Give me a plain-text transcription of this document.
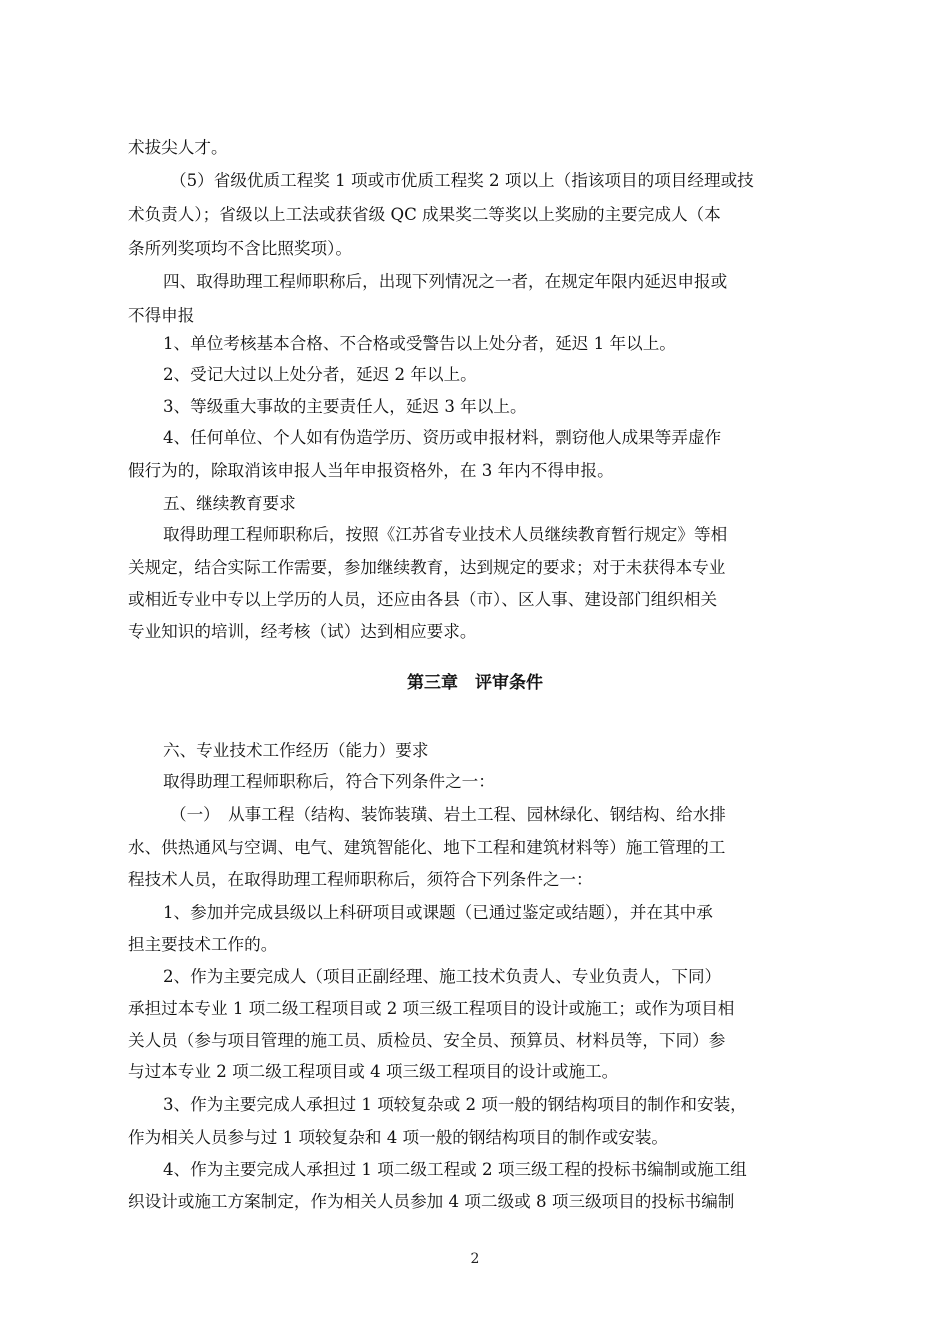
术拔尖人才。
（5）省级优质工程奖 1 项或市优质工程奖 2 项以上（指该项目的项目经理或技
术负责人）；省级以上工法或获省级 QC 成果奖二等奖以上奖励的主要完成人（本
条所列奖项均不含比照奖项）。
四、取得助理工程师职称后，出现下列情况之一者，在规定年限内延迟申报或
不得申报
1、单位考核基本合格、不合格或受警告以上处分者，延迟 1 年以上。
2、受记大过以上处分者，延迟 2 年以上。
3、等级重大事故的主要责任人，延迟 3 年以上。
4、任何单位、个人如有伪造学历、资历或申报材料，剽窃他人成果等弄虚作
假行为的，除取消该申报人当年申报资格外，在 3 年内不得申报。
五、继续教育要求
取得助理工程师职称后，按照《江苏省专业技术人员继续教育暂行规定》等相
关规定，结合实际工作需要，参加继续教育，达到规定的要求；对于未获得本专业
或相近专业中专以上学历的人员，还应由各县（市）、区人事、建设部门组织相关
专业知识的培训，经考核（试）达到相应要求。
第三章　评审条件
六、专业技术工作经历（能力）要求
取得助理工程师职称后，符合下列条件之一：
（一）　从事工程（结构、装饰装璜、岩土工程、园林绿化、钢结构、给水排
水、供热通风与空调、电气、建筑智能化、地下工程和建筑材料等）施工管理的工
程技术人员，在取得助理工程师职称后，须符合下列条件之一：
1、参加并完成县级以上科研项目或课题（已通过鉴定或结题），并在其中承
担主要技术工作的。
2、作为主要完成人（项目正副经理、施工技术负责人、专业负责人，下同）
承担过本专业 1 项二级工程项目或 2 项三级工程项目的设计或施工；或作为项目相
关人员（参与项目管理的施工员、质检员、安全员、预算员、材料员等，下同）参
与过本专业 2 项二级工程项目或 4 项三级工程项目的设计或施工。
3、作为主要完成人承担过 1 项较复杂或 2 项一般的钢结构项目的制作和安装，
作为相关人员参与过 1 项较复杂和 4 项一般的钢结构项目的制作或安装。
4、作为主要完成人承担过 1 项二级工程或 2 项三级工程的投标书编制或施工组
织设计或施工方案制定，作为相关人员参加 4 项二级或 8 项三级项目的投标书编制
2
